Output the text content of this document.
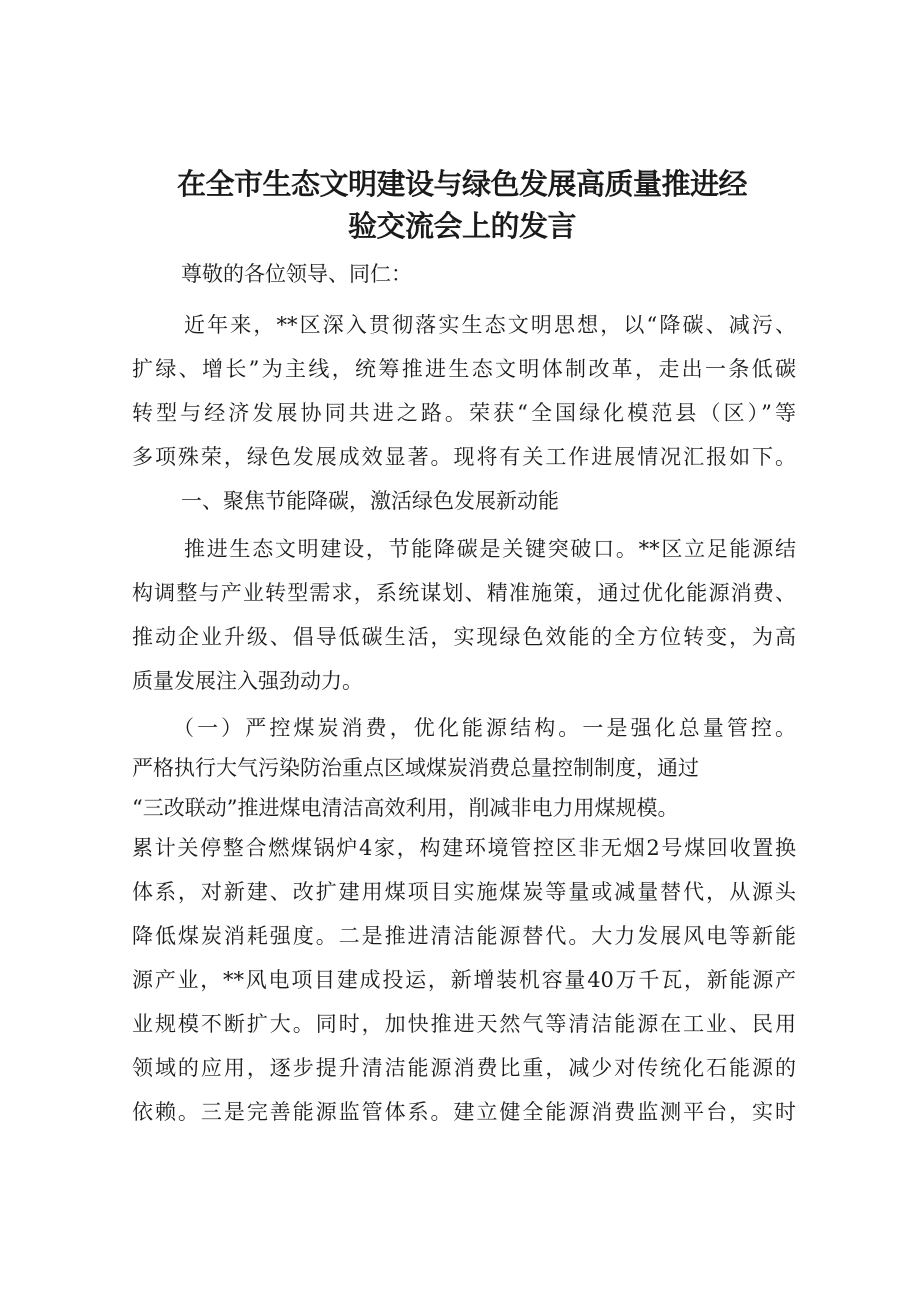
在全市生态文明建设与绿色发展高质量推进经
验交流会上的发言

尊敬的各位领导、同仁：

近年来，**区深入贯彻落实生态文明思想，以“降碳、减污、

扩绿、增长”为主线，统筹推进生态文明体制改革，走出一条低碳

转型与经济发展协同共进之路。荣获“全国绿化模范县（区）”等

多项殊荣，绿色发展成效显著。现将有关工作进展情况汇报如下。

一、聚焦节能降碳，激活绿色发展新动能

推进生态文明建设，节能降碳是关键突破口。**区立足能源结

构调整与产业转型需求，系统谋划、精准施策，通过优化能源消费、

推动企业升级、倡导低碳生活，实现绿色效能的全方位转变，为高

质量发展注入强劲动力。

（一）严控煤炭消费，优化能源结构。一是强化总量管控。

严格执行大气污染防治重点区域煤炭消费总量控制制度，通过

“三改联动”推进煤电清洁高效利用，削减非电力用煤规模。

累计关停整合燃煤锅炉4家，构建环境管控区非无烟2号煤回收置换

体系，对新建、改扩建用煤项目实施煤炭等量或减量替代，从源头

降低煤炭消耗强度。二是推进清洁能源替代。大力发展风电等新能

源产业，**风电项目建成投运，新增装机容量40万千瓦，新能源产

业规模不断扩大。同时，加快推进天然气等清洁能源在工业、民用

领域的应用，逐步提升清洁能源消费比重，减少对传统化石能源的

依赖。三是完善能源监管体系。建立健全能源消费监测平台，实时
